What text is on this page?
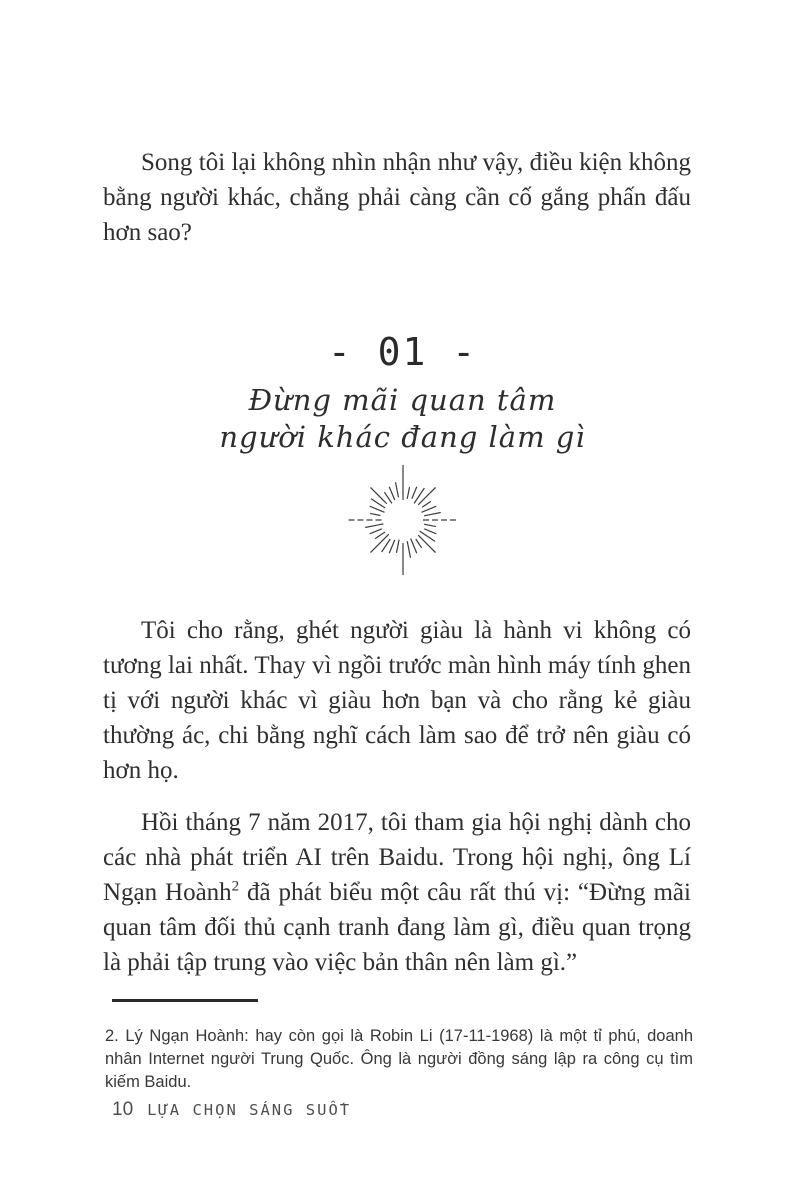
Song tôi lại không nhìn nhận như vậy, điều kiện không bằng người khác, chẳng phải càng cần cố gắng phấn đấu hơn sao?

- 01 -
Đừng mãi quan tâm
người khác đang làm gì

Tôi cho rằng, ghét người giàu là hành vi không có tương lai nhất. Thay vì ngồi trước màn hình máy tính ghen tị với người khác vì giàu hơn bạn và cho rằng kẻ giàu thường ác, chi bằng nghĩ cách làm sao để trở nên giàu có hơn họ.

Hồi tháng 7 năm 2017, tôi tham gia hội nghị dành cho các nhà phát triển AI trên Baidu. Trong hội nghị, ông Lí Ngạn Hoành$^2$ đã phát biểu một câu rất thú vị: “Đừng mãi quan tâm đối thủ cạnh tranh đang làm gì, điều quan trọng là phải tập trung vào việc bản thân nên làm gì.”

2. Lý Ngạn Hoành: hay còn gọi là Robin Li (17-11-1968) là một tỉ phú, doanh nhân Internet người Trung Quốc. Ông là người đồng sáng lập ra công cụ tìm kiếm Baidu.

10 LỰA CHỌN SÁNG SUỐT
